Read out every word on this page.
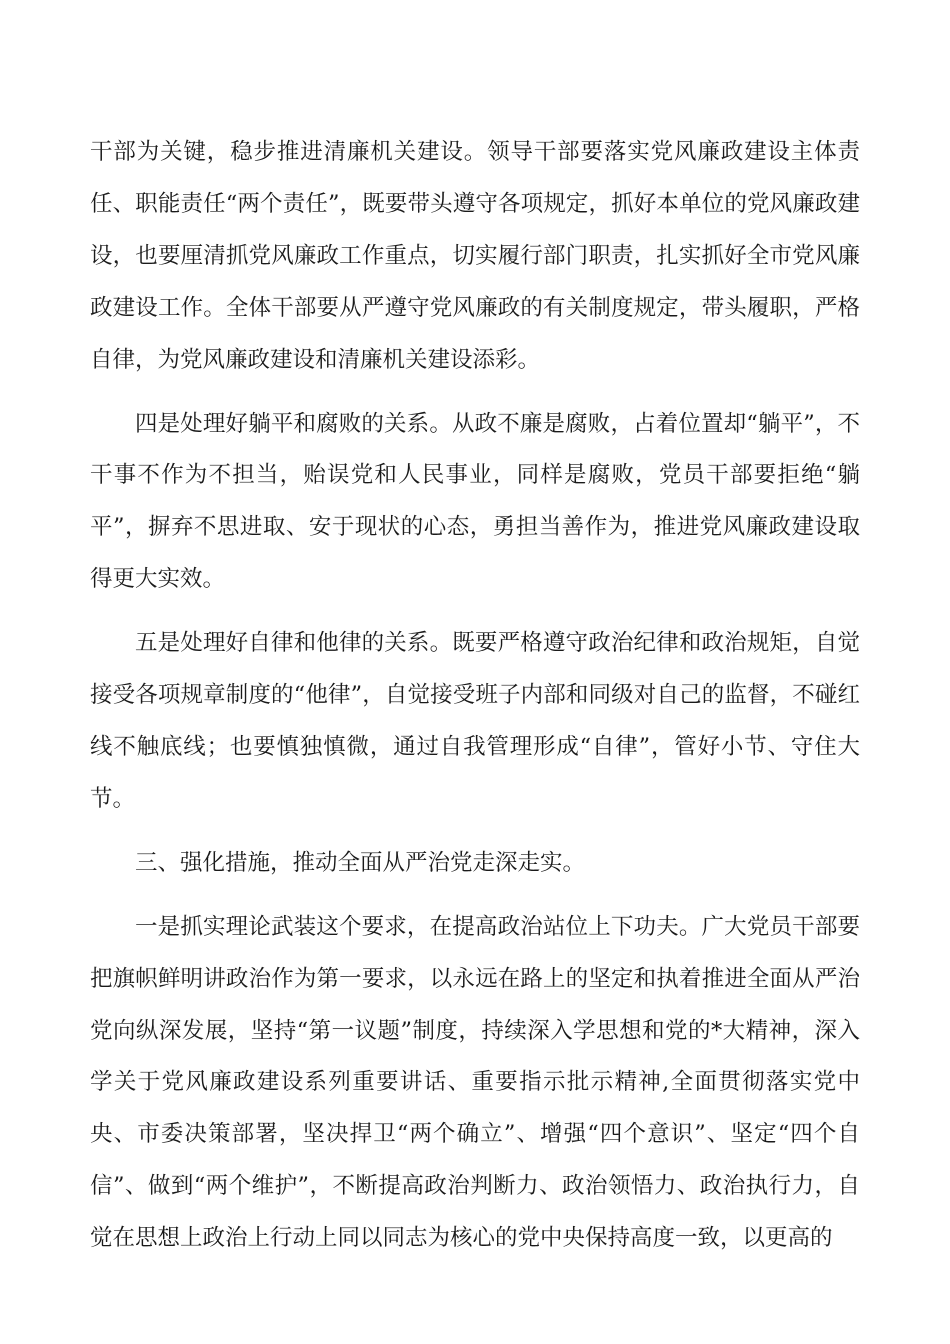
干部为关键，稳步推进清廉机关建设。领导干部要落实党风廉政建设主体责任、职能责任“两个责任”，既要带头遵守各项规定，抓好本单位的党风廉政建设，也要厘清抓党风廉政工作重点，切实履行部门职责，扎实抓好全市党风廉政建设工作。全体干部要从严遵守党风廉政的有关制度规定，带头履职，严格自律，为党风廉政建设和清廉机关建设添彩。

四是处理好躺平和腐败的关系。从政不廉是腐败，占着位置却“躺平”，不干事不作为不担当，贻误党和人民事业，同样是腐败，党员干部要拒绝“躺平”，摒弃不思进取、安于现状的心态，勇担当善作为，推进党风廉政建设取得更大实效。

五是处理好自律和他律的关系。既要严格遵守政治纪律和政治规矩，自觉接受各项规章制度的“他律”，自觉接受班子内部和同级对自己的监督，不碰红线不触底线；也要慎独慎微，通过自我管理形成“自律”，管好小节、守住大节。

三、强化措施，推动全面从严治党走深走实。

一是抓实理论武装这个要求，在提高政治站位上下功夫。广大党员干部要把旗帜鲜明讲政治作为第一要求，以永远在路上的坚定和执着推进全面从严治党向纵深发展，坚持“第一议题”制度，持续深入学思想和党的*大精神，深入学关于党风廉政建设系列重要讲话、重要指示批示精神,全面贯彻落实党中央、市委决策部署，坚决捍卫“两个确立”、增强“四个意识”、坚定“四个自信”、做到“两个维护”，不断提高政治判断力、政治领悟力、政治执行力，自觉在思想上政治上行动上同以同志为核心的党中央保持高度一致，以更高的
